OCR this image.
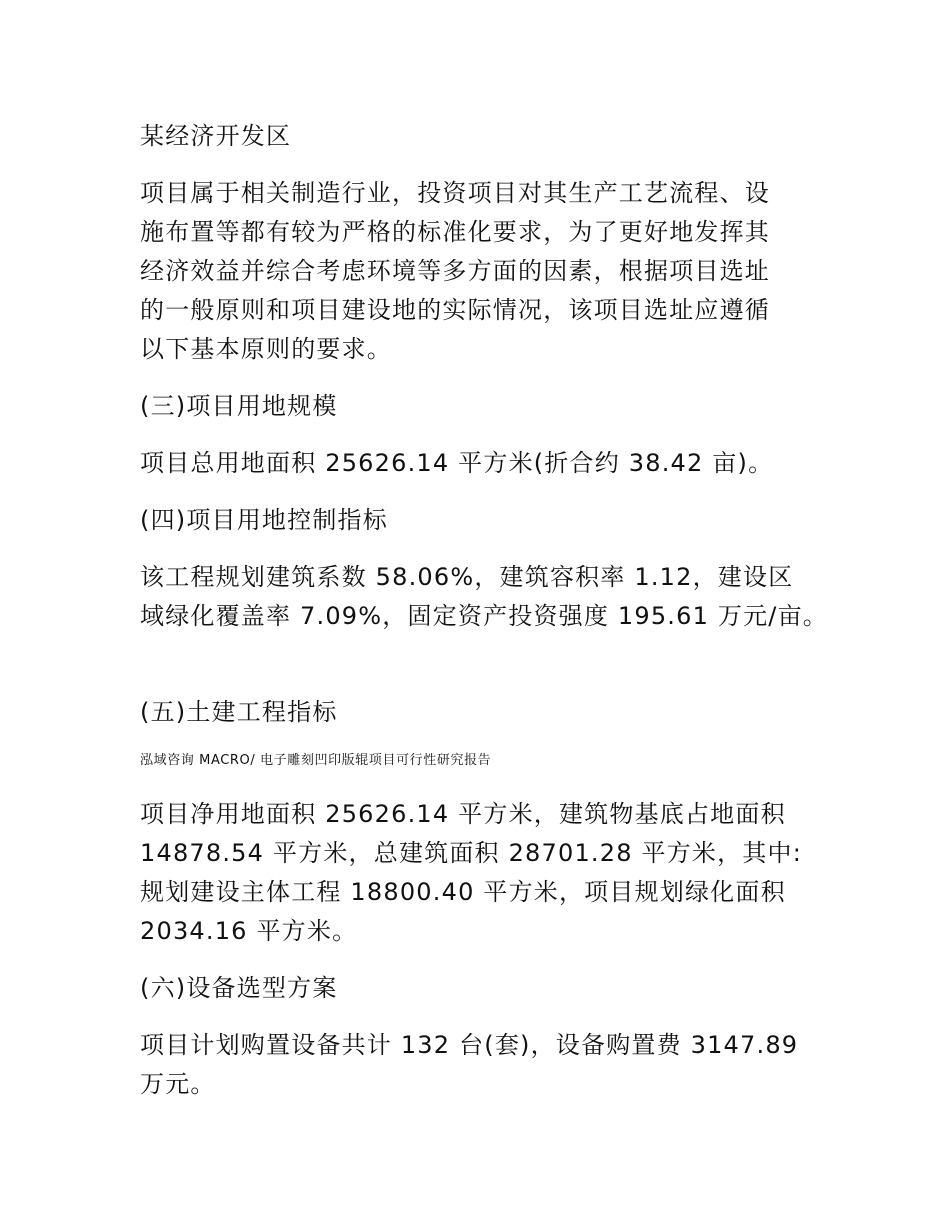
某经济开发区
项目属于相关制造行业，投资项目对其生产工艺流程、设
施布置等都有较为严格的标准化要求，为了更好地发挥其
经济效益并综合考虑环境等多方面的因素，根据项目选址
的一般原则和项目建设地的实际情况，该项目选址应遵循
以下基本原则的要求。
(三)项目用地规模
项目总用地面积 25626.14 平方米(折合约 38.42 亩)。
(四)项目用地控制指标
该工程规划建筑系数 58.06%，建筑容积率 1.12，建设区
域绿化覆盖率 7.09%，固定资产投资强度 195.61 万元/亩。
(五)土建工程指标
泓域咨询 MACRO/ 电子雕刻凹印版辊项目可行性研究报告
项目净用地面积 25626.14 平方米，建筑物基底占地面积
14878.54 平方米，总建筑面积 28701.28 平方米，其中:
规划建设主体工程 18800.40 平方米，项目规划绿化面积
2034.16 平方米。
(六)设备选型方案
项目计划购置设备共计 132 台(套)，设备购置费 3147.89
万元。
